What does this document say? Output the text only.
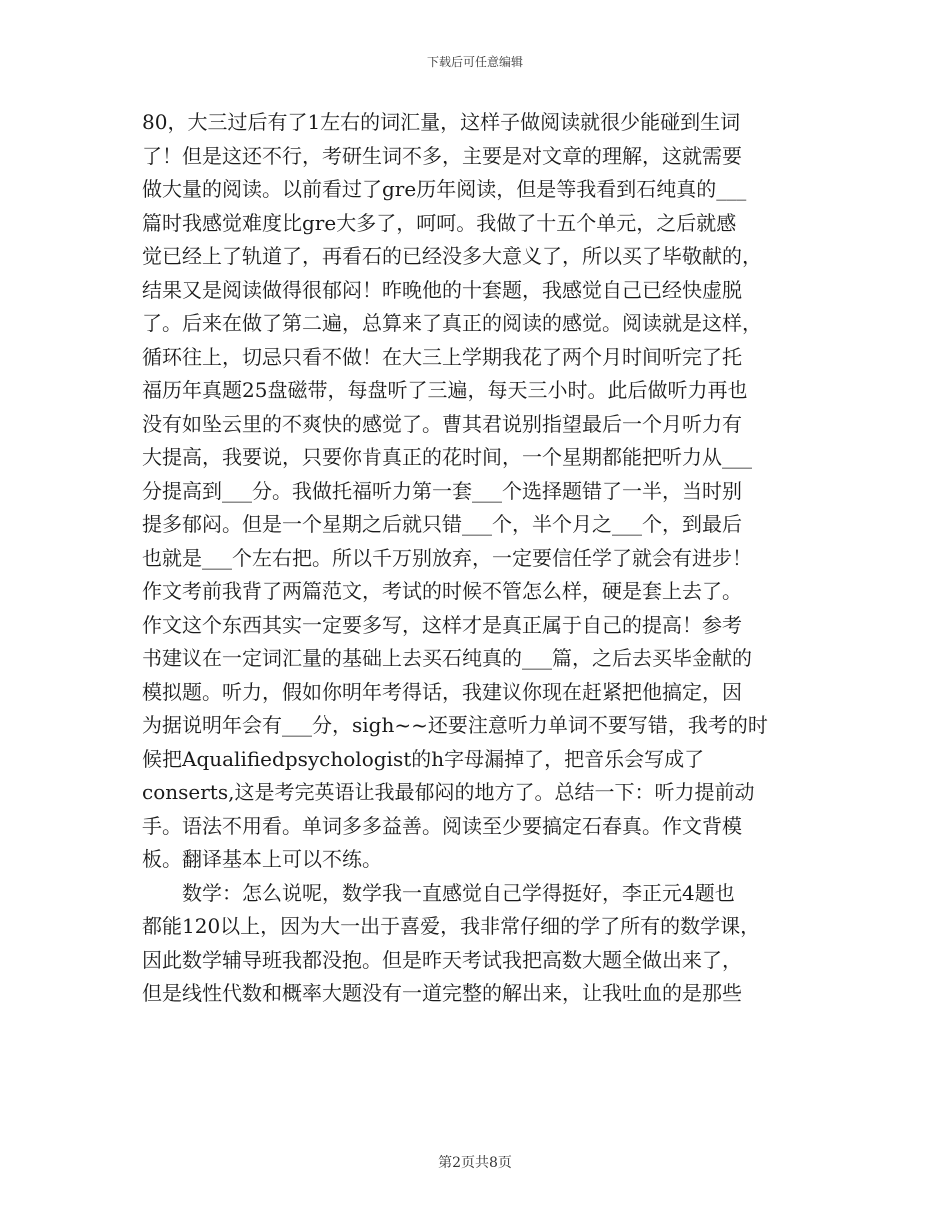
下载后可任意编辑
80，大三过后有了1左右的词汇量，这样子做阅读就很少能碰到生词
了！但是这还不行，考研生词不多，主要是对文章的理解，这就需要
做大量的阅读。以前看过了gre历年阅读，但是等我看到石纯真的___
篇时我感觉难度比gre大多了，呵呵。我做了十五个单元，之后就感
觉已经上了轨道了，再看石的已经没多大意义了，所以买了毕敬献的，
结果又是阅读做得很郁闷！昨晚他的十套题，我感觉自己已经快虚脱
了。后来在做了第二遍，总算来了真正的阅读的感觉。阅读就是这样，
循环往上，切忌只看不做！在大三上学期我花了两个月时间听完了托
福历年真题25盘磁带，每盘听了三遍，每天三小时。此后做听力再也
没有如坠云里的不爽快的感觉了。曹其君说别指望最后一个月听力有
大提高，我要说，只要你肯真正的花时间，一个星期都能把听力从___
分提高到___分。我做托福听力第一套___个选择题错了一半，当时别
提多郁闷。但是一个星期之后就只错___个，半个月之___个，到最后
也就是___个左右把。所以千万别放弃，一定要信任学了就会有进步！
作文考前我背了两篇范文，考试的时候不管怎么样，硬是套上去了。
作文这个东西其实一定要多写，这样才是真正属于自己的提高！参考
书建议在一定词汇量的基础上去买石纯真的___篇，之后去买毕金献的
模拟题。听力，假如你明年考得话，我建议你现在赶紧把他搞定，因
为据说明年会有___分，sigh~~还要注意听力单词不要写错，我考的时
候把Aqualifiedpsychologist的h字母漏掉了，把音乐会写成了
conserts,这是考完英语让我最郁闷的地方了。总结一下：听力提前动
手。语法不用看。单词多多益善。阅读至少要搞定石春真。作文背模
板。翻译基本上可以不练。
　　数学：怎么说呢，数学我一直感觉自己学得挺好，李正元4题也
都能120以上，因为大一出于喜爱，我非常仔细的学了所有的数学课，
因此数学辅导班我都没抱。但是昨天考试我把高数大题全做出来了，
但是线性代数和概率大题没有一道完整的解出来，让我吐血的是那些
第2页共8页
